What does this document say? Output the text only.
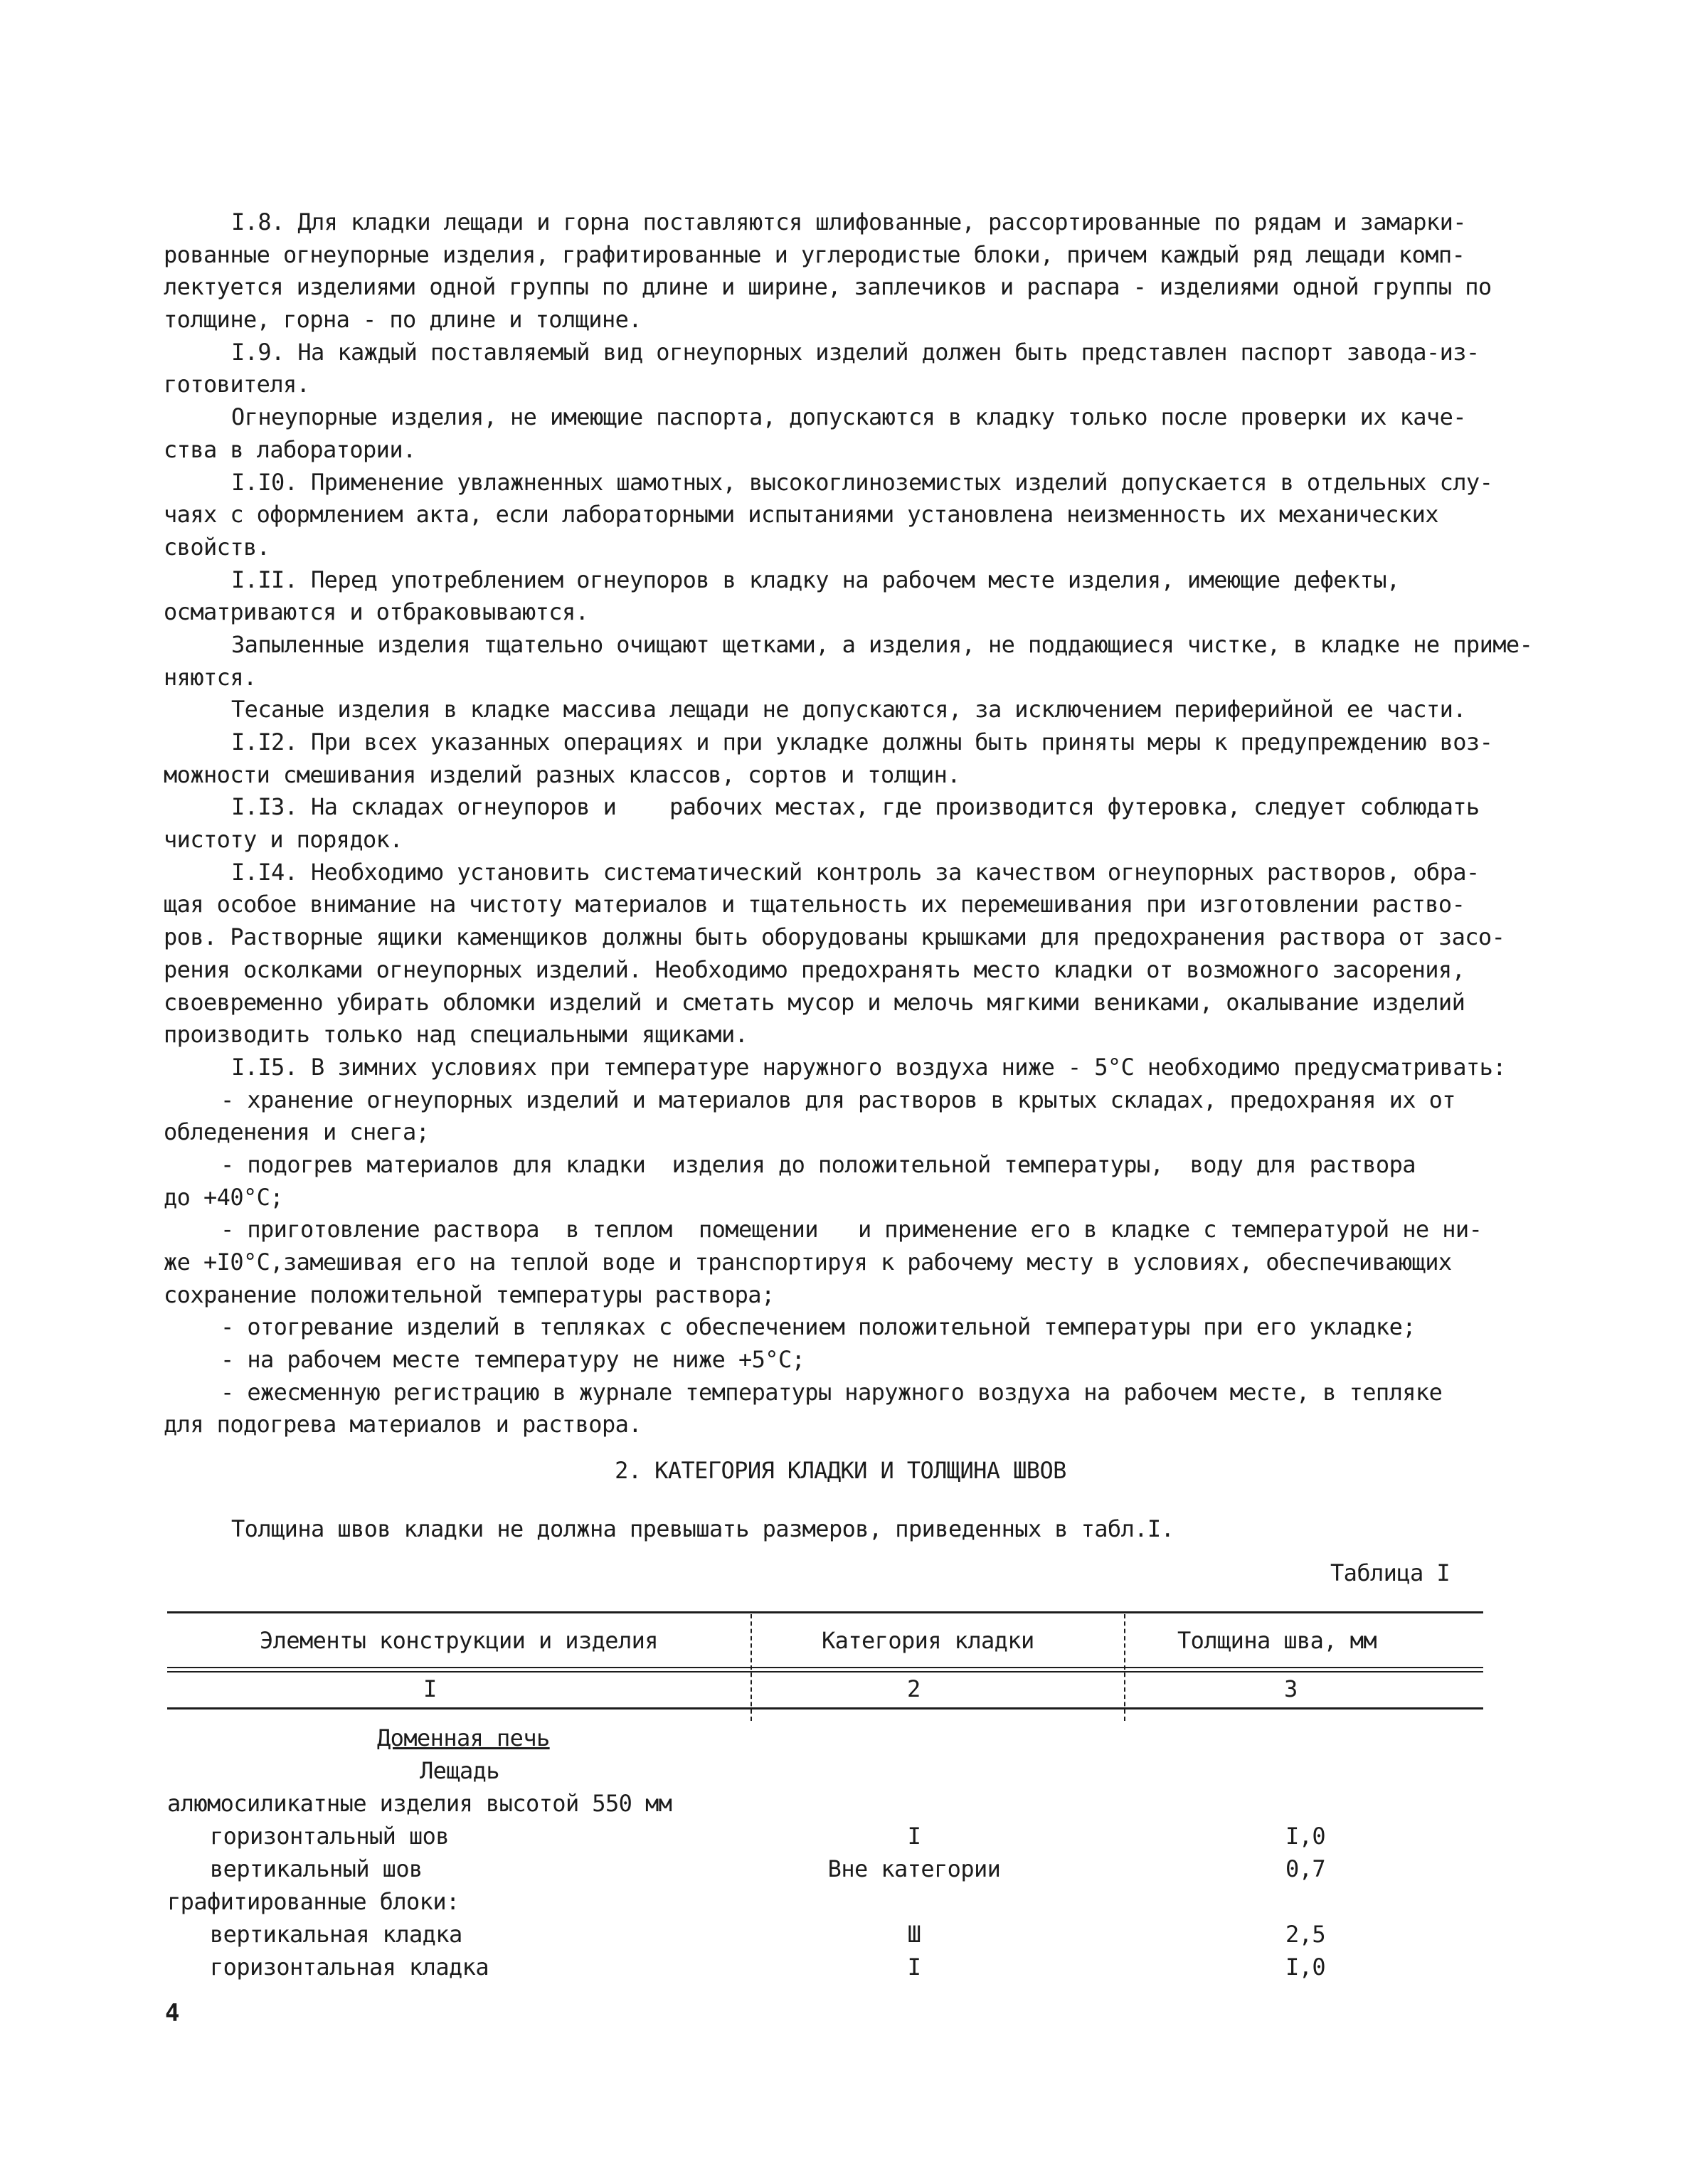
I.8. Для кладки лещади и горна поставляются шлифованные, рассортированные по рядам и замарки-
рованные огнеупорные изделия, графитированные и углеродистые блоки, причем каждый ряд лещади комп-
лектуется изделиями одной группы по длине и ширине, заплечиков и распара - изделиями одной группы по
толщине, горна - по длине и толщине.
I.9. На каждый поставляемый вид огнеупорных изделий должен быть представлен паспорт завода-из-
готовителя.
Огнеупорные изделия, не имеющие паспорта, допускаются в кладку только после проверки их каче-
ства в лаборатории.
I.I0. Применение увлажненных шамотных, высокоглиноземистых изделий допускается в отдельных слу-
чаях с оформлением акта, если лабораторными испытаниями установлена неизменность их механических
свойств.
I.II. Перед употреблением огнеупоров в кладку на рабочем месте изделия, имеющие дефекты,
осматриваются и отбраковываются.
Запыленные изделия тщательно очищают щетками, а изделия, не поддающиеся чистке, в кладке не приме-
няются.
Тесаные изделия в кладке массива лещади не допускаются, за исключением периферийной ее части.
I.I2. При всех указанных операциях и при укладке должны быть приняты меры к предупреждению воз-
можности смешивания изделий разных классов, сортов и толщин.
I.I3. На складах огнеупоров и    рабочих местах, где производится футеровка, следует соблюдать
чистоту и порядок.
I.I4. Необходимо установить систематический контроль за качеством огнеупорных растворов, обра-
щая особое внимание на чистоту материалов и тщательность их перемешивания при изготовлении раство-
ров. Растворные ящики каменщиков должны быть оборудованы крышками для предохранения раствора от засо-
рения осколками огнеупорных изделий. Необходимо предохранять место кладки от возможного засорения,
своевременно убирать обломки изделий и сметать мусор и мелочь мягкими вениками, окалывание изделий
производить только над специальными ящиками.
I.I5. В зимних условиях при температуре наружного воздуха ниже - 5°C необходимо предусматривать:
- хранение огнеупорных изделий и материалов для растворов в крытых складах, предохраняя их от
обледенения и снега;
- подогрев материалов для кладки  изделия до положительной температуры,  воду для раствора
до +40°C;
- приготовление раствора  в теплом  помещении   и применение его в кладке с температурой не ни-
же +I0°C,замешивая его на теплой воде и транспортируя к рабочему месту в условиях, обеспечивающих
сохранение положительной температуры раствора;
- отогревание изделий в тепляках с обеспечением положительной температуры при его укладке;
- на рабочем месте температуру не ниже +5°C;
- ежесменную регистрацию в журнале температуры наружного воздуха на рабочем месте, в тепляке
для подогрева материалов и раствора.
2. КАТЕГОРИЯ КЛАДКИ И ТОЛЩИНА ШВОВ
Толщина швов кладки не должна превышать размеров, приведенных в табл.I.
Таблица I
Элементы конструкции и изделия	Категория кладки	Толщина шва, мм
I	2	3
Доменная печь
Лещадь
алюмосиликатные изделия высотой 550 мм
горизонтальный шов	I	I,0
вертикальный шов	Вне категории	0,7
графитированные блоки:
вертикальная кладка	Ш	2,5
горизонтальная кладка	I	I,0
4
